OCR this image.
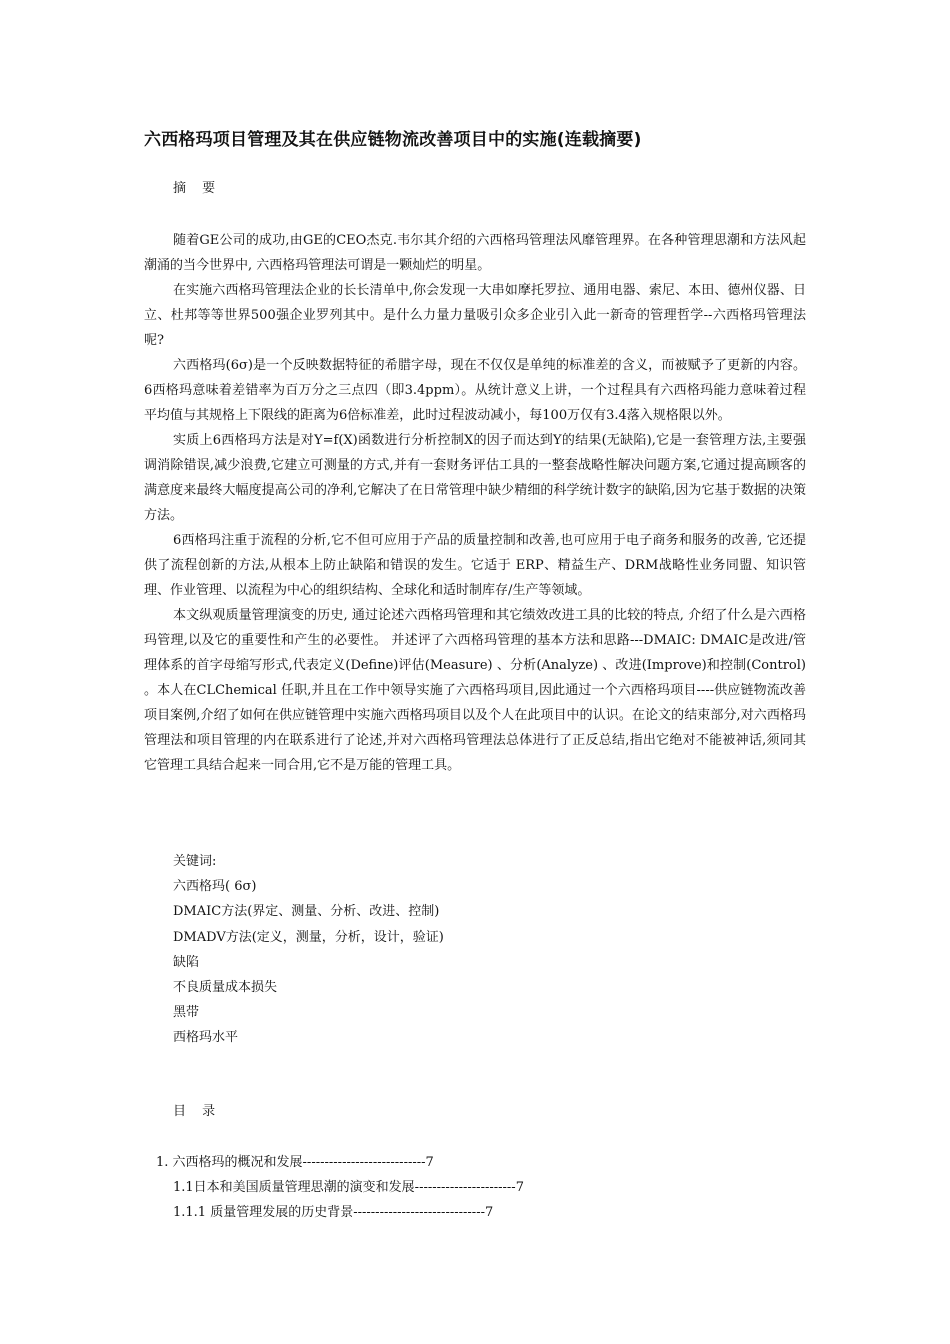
六西格玛项目管理及其在供应链物流改善项目中的实施(连载摘要)
摘 要

随着GE公司的成功,由GE的CEO杰克.韦尔其介绍的六西格玛管理法风靡管理界。在各种管理思潮和方法风起潮涌的当今世界中, 六西格玛管理法可谓是一颗灿烂的明星。

在实施六西格玛管理法企业的长长清单中,你会发现一大串如摩托罗拉、通用电器、索尼、本田、德州仪器、日立、杜邦等等世界500强企业罗列其中。是什么力量力量吸引众多企业引入此一新奇的管理哲学--六西格玛管理法呢?

六西格玛(6σ)是一个反映数据特征的希腊字母，现在不仅仅是单纯的标准差的含义，而被赋予了更新的内容。6西格玛意味着差错率为百万分之三点四（即3.4ppm）。从统计意义上讲，一个过程具有六西格玛能力意味着过程平均值与其规格上下限线的距离为6倍标准差，此时过程波动减小，每100万仅有3.4落入规格限以外。

实质上6西格玛方法是对Y=f(X)函数进行分析控制X的因子而达到Y的结果(无缺陷),它是一套管理方法,主要强调消除错误,减少浪费,它建立可测量的方式,并有一套财务评估工具的一整套战略性解决问题方案,它通过提高顾客的满意度来最终大幅度提高公司的净利,它解决了在日常管理中缺少精细的科学统计数字的缺陷,因为它基于数据的决策方法。

6西格玛注重于流程的分析,它不但可应用于产品的质量控制和改善,也可应用于电子商务和服务的改善, 它还提供了流程创新的方法,从根本上防止缺陷和错误的发生。它适于 ERP、精益生产、DRM战略性业务同盟、知识管理、作业管理、以流程为中心的组织结构、全球化和适时制库存/生产等领域。

本文纵观质量管理演变的历史, 通过论述六西格玛管理和其它绩效改进工具的比较的特点, 介绍了什么是六西格玛管理,以及它的重要性和产生的必要性。 并述评了六西格玛管理的基本方法和思路---DMAIC: DMAIC是改进/管理体系的首字母缩写形式,代表定义(Define)评估(Measure) 、分析(Analyze) 、改进(Improve)和控制(Control) 。本人在CLChemical 任职,并且在工作中领导实施了六西格玛项目,因此通过一个六西格玛项目----供应链物流改善项目案例,介绍了如何在供应链管理中实施六西格玛项目以及个人在此项目中的认识。在论文的结束部分,对六西格玛管理法和项目管理的内在联系进行了论述,并对六西格玛管理法总体进行了正反总结,指出它绝对不能被神话,须同其它管理工具结合起来一同合用,它不是万能的管理工具。

关键词:
六西格玛( 6σ)
DMAIC方法(界定、测量、分析、改进、控制)
DMADV方法(定义，测量，分析，设计，验证)
缺陷
不良质量成本损失
黑带
西格玛水平
目 录
1. 六西格玛的概况和发展----------------------------7
1.1日本和美国质量管理思潮的演变和发展-----------------------7
1.1.1 质量管理发展的历史背景------------------------------7
